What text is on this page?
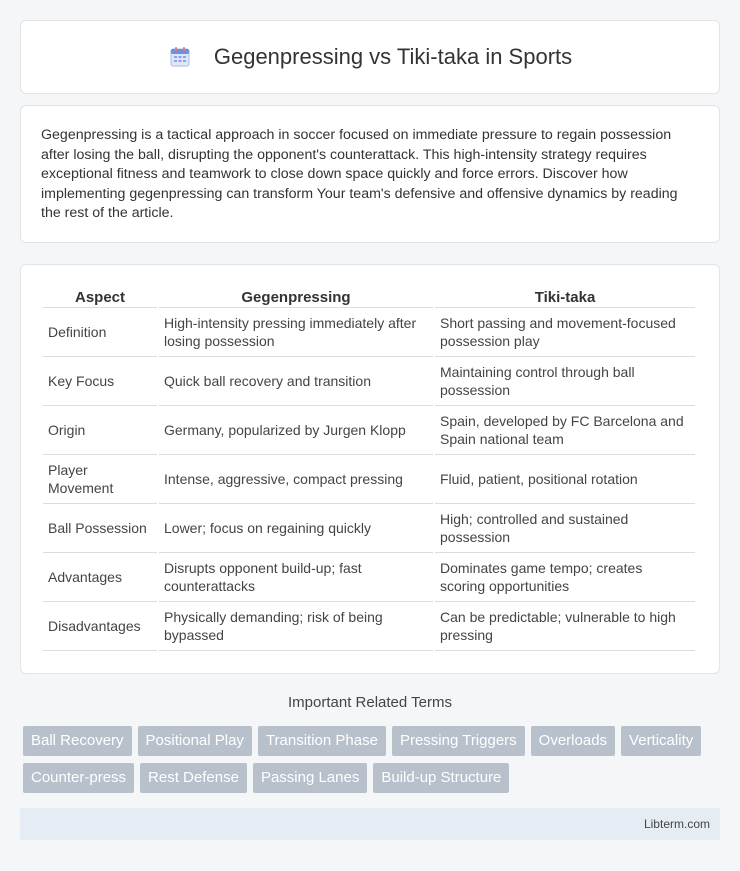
Gegenpressing vs Tiki-taka in Sports

Gegenpressing is a tactical approach in soccer focused on immediate pressure to regain possession after losing the ball, disrupting the opponent's counterattack. This high-intensity strategy requires exceptional fitness and teamwork to close down space quickly and force errors. Discover how implementing gegenpressing can transform Your team's defensive and offensive dynamics by reading the rest of the article.

Aspect	Gegenpressing	Tiki-taka
Definition	High-intensity pressing immediately after losing possession	Short passing and movement-focused possession play
Key Focus	Quick ball recovery and transition	Maintaining control through ball possession
Origin	Germany, popularized by Jurgen Klopp	Spain, developed by FC Barcelona and Spain national team
Player Movement	Intense, aggressive, compact pressing	Fluid, patient, positional rotation
Ball Possession	Lower; focus on regaining quickly	High; controlled and sustained possession
Advantages	Disrupts opponent build-up; fast counterattacks	Dominates game tempo; creates scoring opportunities
Disadvantages	Physically demanding; risk of being bypassed	Can be predictable; vulnerable to high pressing
Important Related Terms
Ball Recovery	Positional Play	Transition Phase	Pressing Triggers	Overloads	Verticality
Counter-press	Rest Defense	Passing Lanes	Build-up Structure
Libterm.com
